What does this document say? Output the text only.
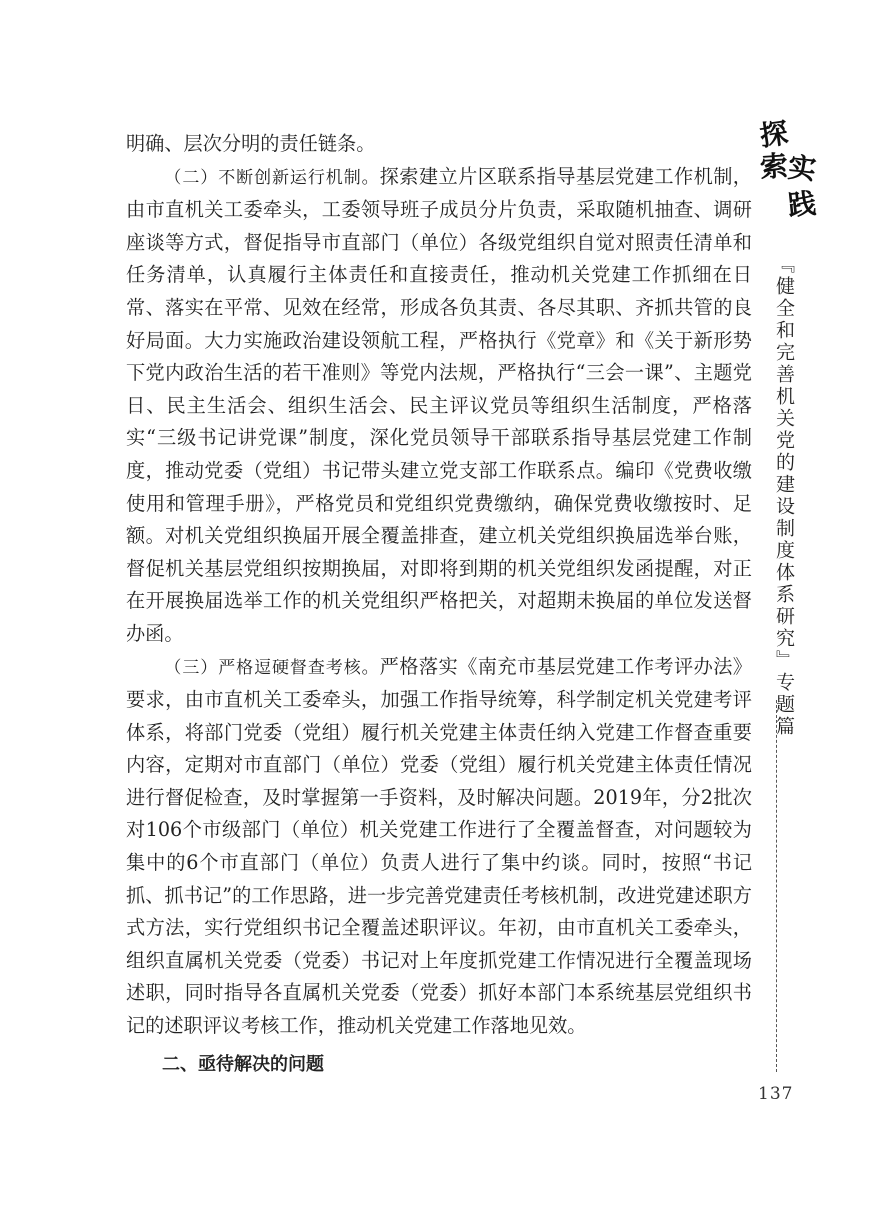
明确、层次分明的责任链条。

（二）不断创新运行机制。探索建立片区联系指导基层党建工作机制，由市直机关工委牵头，工委领导班子成员分片负责，采取随机抽查、调研座谈等方式，督促指导市直部门（单位）各级党组织自觉对照责任清单和任务清单，认真履行主体责任和直接责任，推动机关党建工作抓细在日常、落实在平常、见效在经常，形成各负其责、各尽其职、齐抓共管的良好局面。大力实施政治建设领航工程，严格执行《党章》和《关于新形势下党内政治生活的若干准则》等党内法规，严格执行“三会一课”、主题党日、民主生活会、组织生活会、民主评议党员等组织生活制度，严格落实“三级书记讲党课”制度，深化党员领导干部联系指导基层党建工作制度，推动党委（党组）书记带头建立党支部工作联系点。编印《党费收缴使用和管理手册》，严格党员和党组织党费缴纳，确保党费收缴按时、足额。对机关党组织换届开展全覆盖排查，建立机关党组织换届选举台账，督促机关基层党组织按期换届，对即将到期的机关党组织发函提醒，对正在开展换届选举工作的机关党组织严格把关，对超期未换届的单位发送督办函。

（三）严格逗硬督查考核。严格落实《南充市基层党建工作考评办法》要求，由市直机关工委牵头，加强工作指导统筹，科学制定机关党建考评体系，将部门党委（党组）履行机关党建主体责任纳入党建工作督查重要内容，定期对市直部门（单位）党委（党组）履行机关党建主体责任情况进行督促检查，及时掌握第一手资料，及时解决问题。2019年，分2批次对106个市级部门（单位）机关党建工作进行了全覆盖督查，对问题较为集中的6个市直部门（单位）负责人进行了集中约谈。同时，按照“书记抓、抓书记”的工作思路，进一步完善党建责任考核机制，改进党建述职方式方法，实行党组织书记全覆盖述职评议。年初，由市直机关工委牵头，组织直属机关党委（党委）书记对上年度抓党建工作情况进行全覆盖现场述职，同时指导各直属机关党委（党委）抓好本部门本系统基层党组织书记的述职评议考核工作，推动机关党建工作落地见效。

二、亟待解决的问题

探
索
实
践
『健全和完善机关党的建设制度体系研究』专题篇
137
